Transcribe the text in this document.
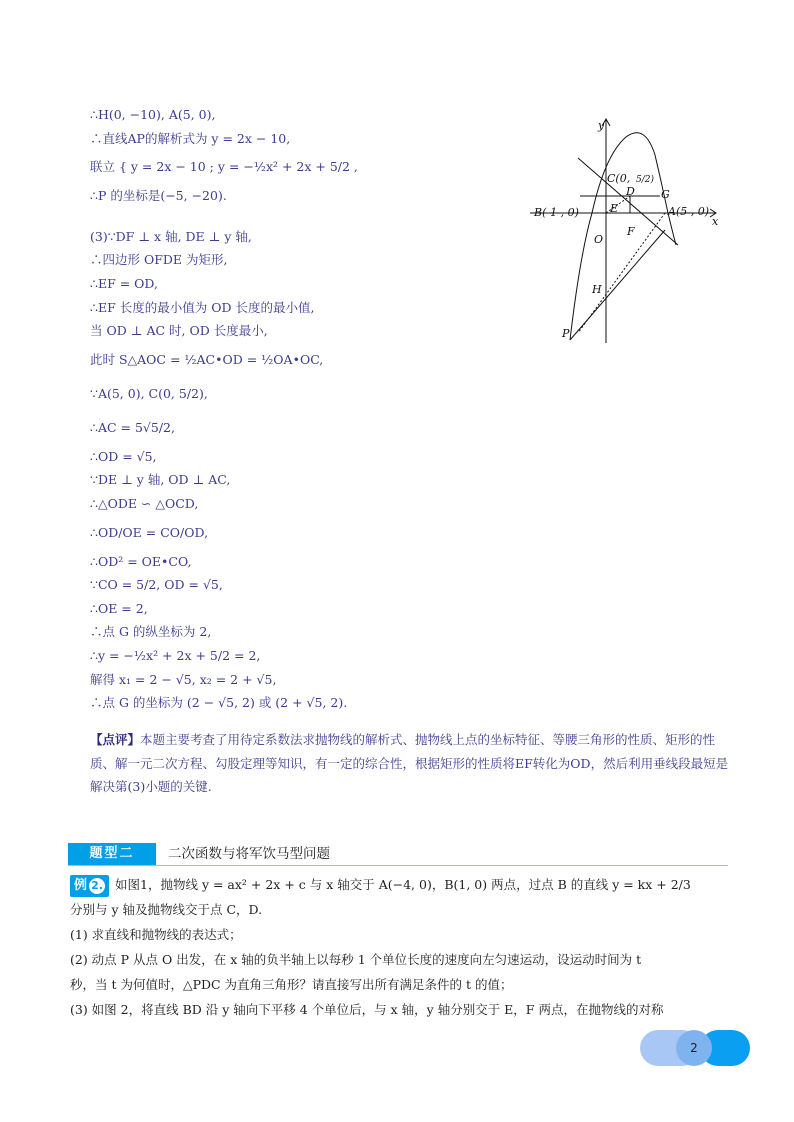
∴H(0, −10), A(5, 0),
∴直线AP的解析式为 y = 2x − 10,
联立 { y = 2x − 10 ; y = −½x² + 2x + 5/2 ,
∴P 的坐标是(−5, −20).
(3)∵DF ⊥ x 轴, DE ⊥ y 轴,
∴四边形 OFDE 为矩形,
∴EF = OD,
∴EF 长度的最小值为 OD 长度的最小值,
当 OD ⊥ AC 时, OD 长度最小,
此时 S△AOC = ½AC•OD = ½OA•OC,
∵A(5, 0), C(0, 5/2),
∴AC = 5√5/2,
∴OD = √5,
∵DE ⊥ y 轴, OD ⊥ AC,
∴△ODE ∽ △OCD,
∴OD/OE = CO/OD,
∴OD² = OE•CO,
∵CO = 5/2, OD = √5,
∴OE = 2,
∴点 G 的纵坐标为 2,
∴y = −½x² + 2x + 5/2 = 2,
解得 x₁ = 2 − √5, x₂ = 2 + √5,
∴点 G 的坐标为 (2 − √5, 2) 或 (2 + √5, 2).
y
x
C(0, 5/2)
D G
B(-1 , 0)	E	A(5 , 0)
O
F
H
P
【点评】本题主要考查了用待定系数法求抛物线的解析式、抛物线上点的坐标特征、等腰三角形的性质、矩形的性质、解一元二次方程、勾股定理等知识，有一定的综合性，根据矩形的性质将EF转化为OD，然后利用垂线段最短是解决第(3)小题的关键.
题型二	二次函数与将军饮马型问题
例 2. 如图1，抛物线 y = ax² + 2x + c 与 x 轴交于 A(−4, 0)，B(1, 0) 两点，过点 B 的直线 y = kx + 2/3
分别与 y 轴及抛物线交于点 C，D.
(1) 求直线和抛物线的表达式；
(2) 动点 P 从点 O 出发，在 x 轴的负半轴上以每秒 1 个单位长度的速度向左匀速运动，设运动时间为 t
秒，当 t 为何值时，△PDC 为直角三角形？请直接写出所有满足条件的 t 的值；
(3) 如图 2，将直线 BD 沿 y 轴向下平移 4 个单位后，与 x 轴，y 轴分别交于 E，F 两点，在抛物线的对称
2
